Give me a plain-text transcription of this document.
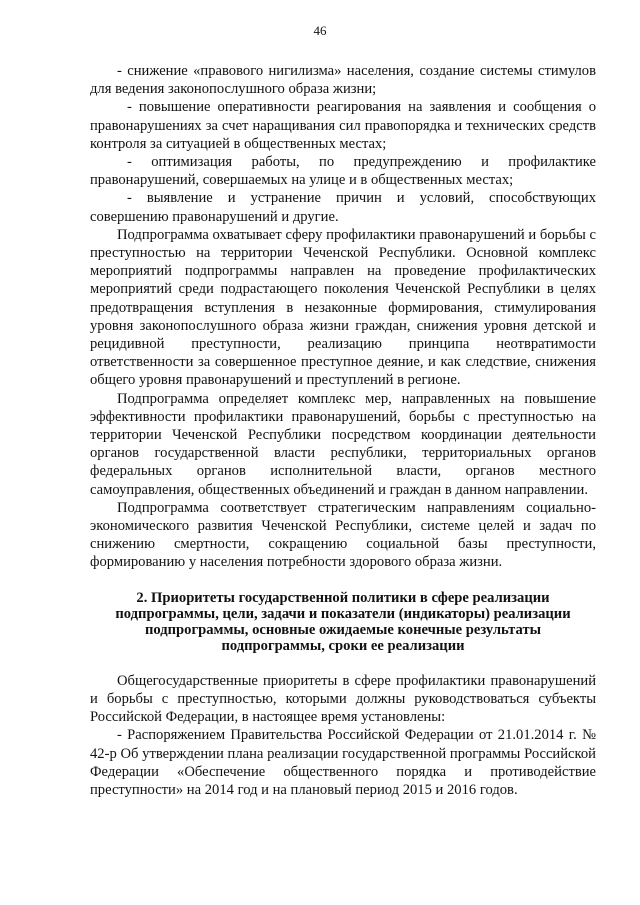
46

- снижение «правового нигилизма» населения, создание системы стимулов для ведения законопослушного образа жизни;

- повышение оперативности реагирования на заявления и сообщения о правонарушениях за счет наращивания сил правопорядка и технических средств контроля за ситуацией в общественных местах;

- оптимизация работы, по предупреждению и профилактике правонарушений, совершаемых на улице и в общественных местах;

- выявление и устранение причин и условий, способствующих совершению правонарушений и другие.

Подпрограмма охватывает сферу профилактики правонарушений и борьбы с преступностью на территории Чеченской Республики. Основной комплекс мероприятий подпрограммы направлен на проведение профилактических мероприятий среди подрастающего поколения Чеченской Республики в целях предотвращения вступления в незаконные формирования, стимулирования уровня законопослушного образа жизни граждан, снижения уровня детской и рецидивной преступности, реализацию принципа неотвратимости ответственности за совершенное преступное деяние, и как следствие, снижения общего уровня правонарушений и преступлений в регионе.

Подпрограмма определяет комплекс мер, направленных на повышение эффективности профилактики правонарушений, борьбы с преступностью на территории Чеченской Республики посредством координации деятельности органов государственной власти республики, территориальных органов федеральных органов исполнительной власти, органов местного самоуправления, общественных объединений и граждан в данном направлении.

Подпрограмма соответствует стратегическим направлениям социально-экономического развития Чеченской Республики, системе целей и задач по снижению смертности, сокращению социальной базы преступности, формированию у населения потребности здорового образа жизни.

2. Приоритеты государственной политики в сфере реализации подпрограммы, цели, задачи и показатели (индикаторы) реализации подпрограммы, основные ожидаемые конечные результаты подпрограммы, сроки ее реализации

Общегосударственные приоритеты в сфере профилактики правонарушений и борьбы с преступностью, которыми должны руководствоваться субъекты Российской Федерации, в настоящее время установлены:

- Распоряжением Правительства Российской Федерации от 21.01.2014 г. № 42-р Об утверждении плана реализации государственной программы Российской Федерации «Обеспечение общественного порядка и противодействие преступности» на 2014 год и на плановый период 2015 и 2016 годов.
